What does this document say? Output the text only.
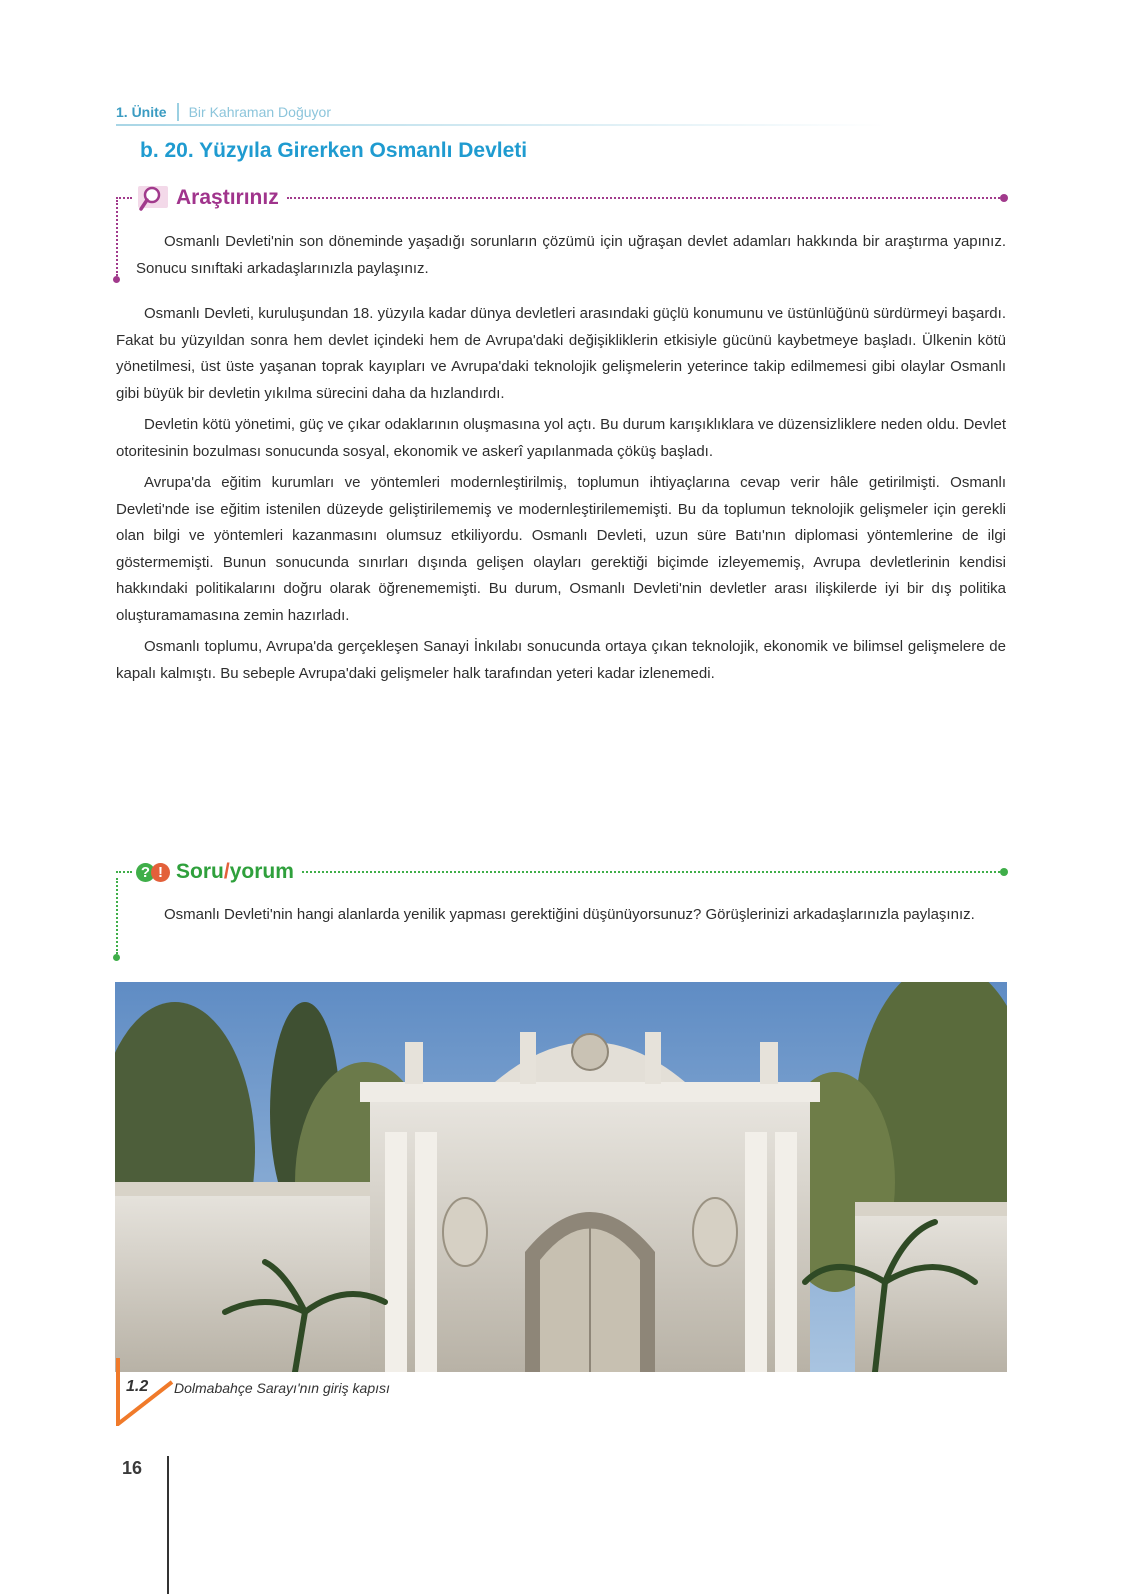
1. Ünite Bir Kahraman Doğuyor
b. 20. Yüzyıla Girerken Osmanlı Devleti
Araştırınız

Osmanlı Devleti'nin son döneminde yaşadığı sorunların çözümü için uğraşan devlet adamları hakkında bir araştırma yapınız. Sonucu sınıftaki arkadaşlarınızla paylaşınız.

Osmanlı Devleti, kuruluşundan 18. yüzyıla kadar dünya devletleri arasındaki güçlü konumunu ve üstünlüğünü sürdürmeyi başardı. Fakat bu yüzyıldan sonra hem devlet içindeki hem de Avrupa'daki değişikliklerin etkisiyle gücünü kaybetmeye başladı. Ülkenin kötü yönetilmesi, üst üste yaşanan toprak kayıpları ve Avrupa'daki teknolojik gelişmelerin yeterince takip edilmemesi gibi olaylar Osmanlı gibi büyük bir devletin yıkılma sürecini daha da hızlandırdı.

Devletin kötü yönetimi, güç ve çıkar odaklarının oluşmasına yol açtı. Bu durum karışıklıklara ve düzensizliklere neden oldu. Devlet otoritesinin bozulması sonucunda sosyal, ekonomik ve askerî yapılanmada çöküş başladı.

Avrupa'da eğitim kurumları ve yöntemleri modernleştirilmiş, toplumun ihtiyaçlarına cevap verir hâle getirilmişti. Osmanlı Devleti'nde ise eğitim istenilen düzeyde geliştirilememiş ve modernleştirilememişti. Bu da toplumun teknolojik gelişmeler için gerekli olan bilgi ve yöntemleri kazanmasını olumsuz etkiliyordu. Osmanlı Devleti, uzun süre Batı'nın diplomasi yöntemlerine de ilgi göstermemişti. Bunun sonucunda sınırları dışında gelişen olayları gerektiği biçimde izleyememiş, Avrupa devletlerinin kendisi hakkındaki politikalarını doğru olarak öğrenememişti. Bu durum, Osmanlı Devleti'nin devletler arası ilişkilerde iyi bir dış politika oluşturamamasına zemin hazırladı.

Osmanlı toplumu, Avrupa'da gerçekleşen Sanayi İnkılabı sonucunda ortaya çıkan teknolojik, ekonomik ve bilimsel gelişmelere de kapalı kalmıştı. Bu sebeple Avrupa'daki gelişmeler halk tarafından yeteri kadar izlenemedi.

? ! Soru/yorum

Osmanlı Devleti'nin hangi alanlarda yenilik yapması gerektiğini düşünüyorsunuz? Görüşlerinizi arkadaşlarınızla paylaşınız.

1.2 Dolmabahçe Sarayı'nın giriş kapısı
16
